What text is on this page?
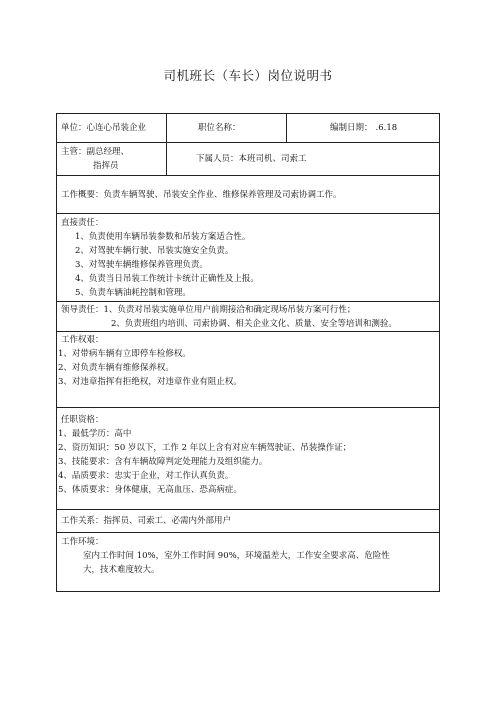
司机班长（车长）岗位说明书
单位：心连心吊装企业	职位名称：	编制日期： .6.18
主管：副总经理、
指挥员
下属人员：本班司机、司索工
工作概要：负责车辆驾驶、吊装安全作业、维修保养管理及司索协调工作。
直接责任：
1、负责使用车辆吊装参数和吊装方案适合性。
2、对驾驶车辆行驶、吊装实施安全负责。
3、对驾驶车辆维修保养管理负责。
4、负责当日吊装工作统计卡统计正确性及上报。
5、负责车辆油耗控制和管理。
领导责任：1、负责对吊装实施单位用户前期接洽和确定现场吊装方案可行性；
2、负责班组内培训、司索协调、相关企业文化、质量、安全等培训和测验。
工作权艰：
1、对带病车辆有立即停车检修权。
2、对负责车辆有维修保养权。
3、对违章指挥有拒绝权，对违章作业有阻止权。
任职资格：
1、最低学历：高中
2、资历知识：50 岁以下，工作 2 年以上含有对应车辆驾驶证、吊装操作证；
3、技能要求：含有车辆故障判定处理能力及组织能力。
4、品质要求：忠实于企业，对工作认真负责。
5、体质要求：身体健康，无高血压、恐高病症。
工作关系：指挥员、司索工、必需内外部用户
工作环境：
室内工作时间 10%，室外工作时间 90%，环境温差大，工作安全要求高、危险性
大，技术难度较大。
